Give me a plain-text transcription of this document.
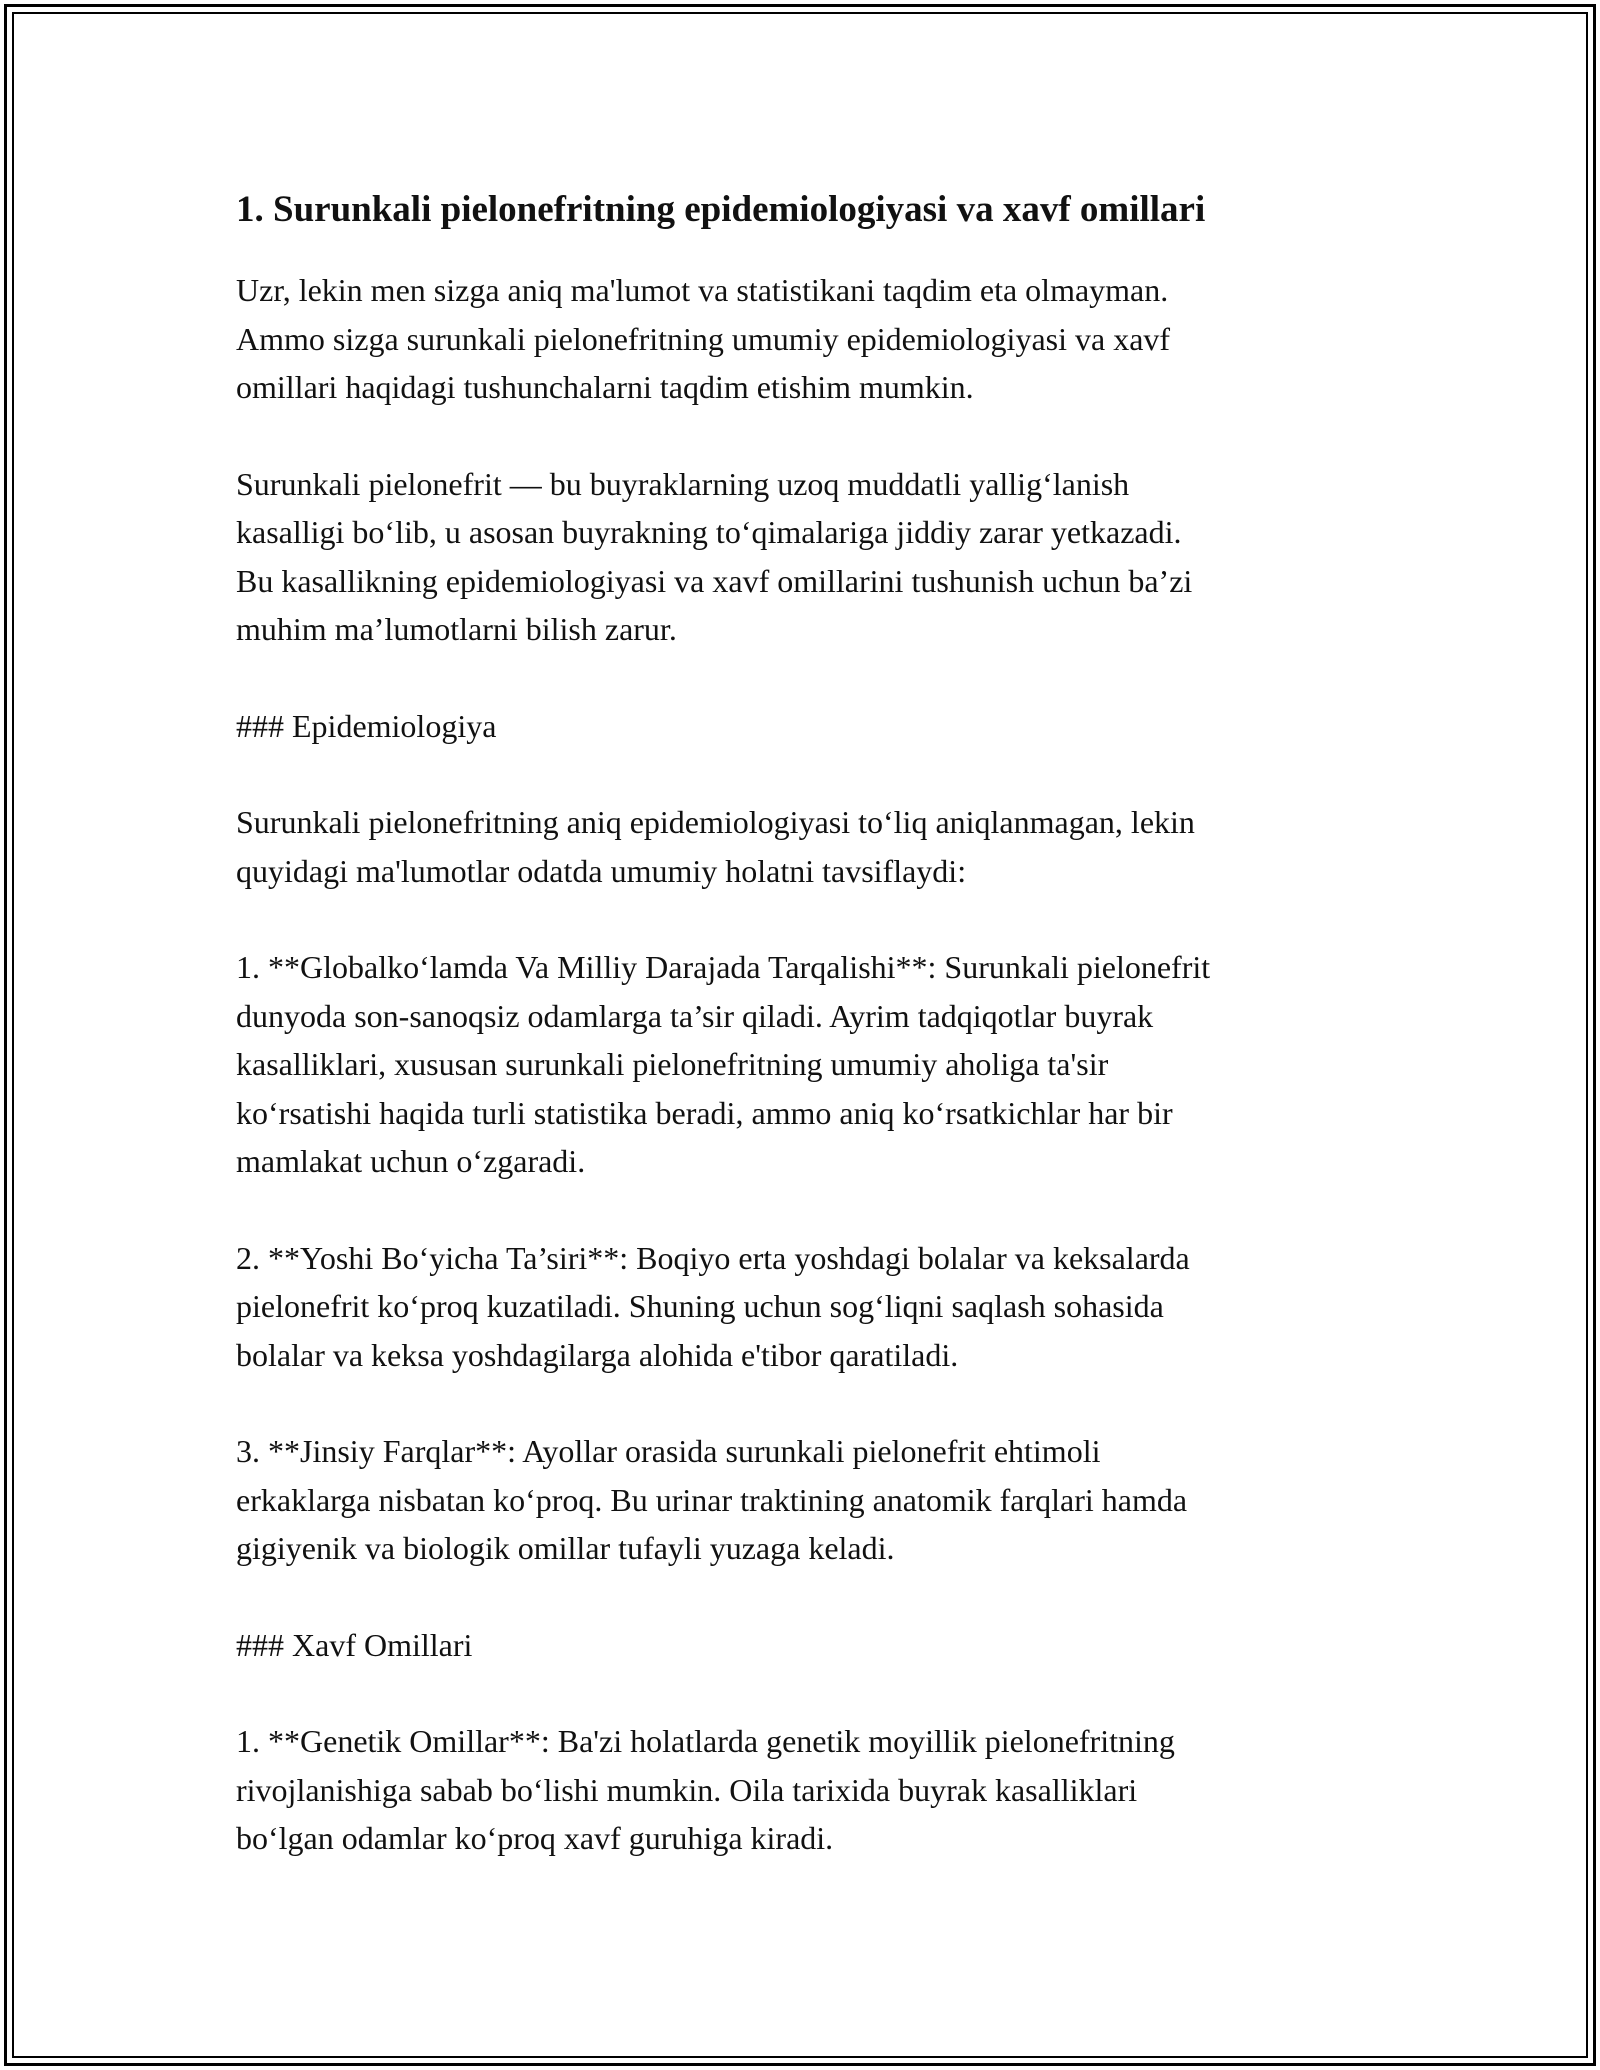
1. Surunkali pielonefritning epidemiologiyasi va xavf omillari

Uzr, lekin men sizga aniq ma'lumot va statistikani taqdim eta olmayman.
Ammo sizga surunkali pielonefritning umumiy epidemiologiyasi va xavf
omillari haqidagi tushunchalarni taqdim etishim mumkin.

Surunkali pielonefrit — bu buyraklarning uzoq muddatli yallig‘lanish
kasalligi bo‘lib, u asosan buyrakning to‘qimalariga jiddiy zarar yetkazadi.
Bu kasallikning epidemiologiyasi va xavf omillarini tushunish uchun ba’zi
muhim ma’lumotlarni bilish zarur.

### Epidemiologiya

Surunkali pielonefritning aniq epidemiologiyasi to‘liq aniqlanmagan, lekin
quyidagi ma'lumotlar odatda umumiy holatni tavsiflaydi:

1. **Globalko‘lamda Va Milliy Darajada Tarqalishi**: Surunkali pielonefrit
dunyoda son-sanoqsiz odamlarga ta’sir qiladi. Ayrim tadqiqotlar buyrak
kasalliklari, xususan surunkali pielonefritning umumiy aholiga ta'sir
ko‘rsatishi haqida turli statistika beradi, ammo aniq ko‘rsatkichlar har bir
mamlakat uchun o‘zgaradi.

2. **Yoshi Bo‘yicha Ta’siri**: Boqiyo erta yoshdagi bolalar va keksalarda
pielonefrit ko‘proq kuzatiladi. Shuning uchun sog‘liqni saqlash sohasida
bolalar va keksa yoshdagilarga alohida e'tibor qaratiladi.

3. **Jinsiy Farqlar**: Ayollar orasida surunkali pielonefrit ehtimoli
erkaklarga nisbatan ko‘proq. Bu urinar traktining anatomik farqlari hamda
gigiyenik va biologik omillar tufayli yuzaga keladi.

### Xavf Omillari

1. **Genetik Omillar**: Ba'zi holatlarda genetik moyillik pielonefritning
rivojlanishiga sabab bo‘lishi mumkin. Oila tarixida buyrak kasalliklari
bo‘lgan odamlar ko‘proq xavf guruhiga kiradi.
